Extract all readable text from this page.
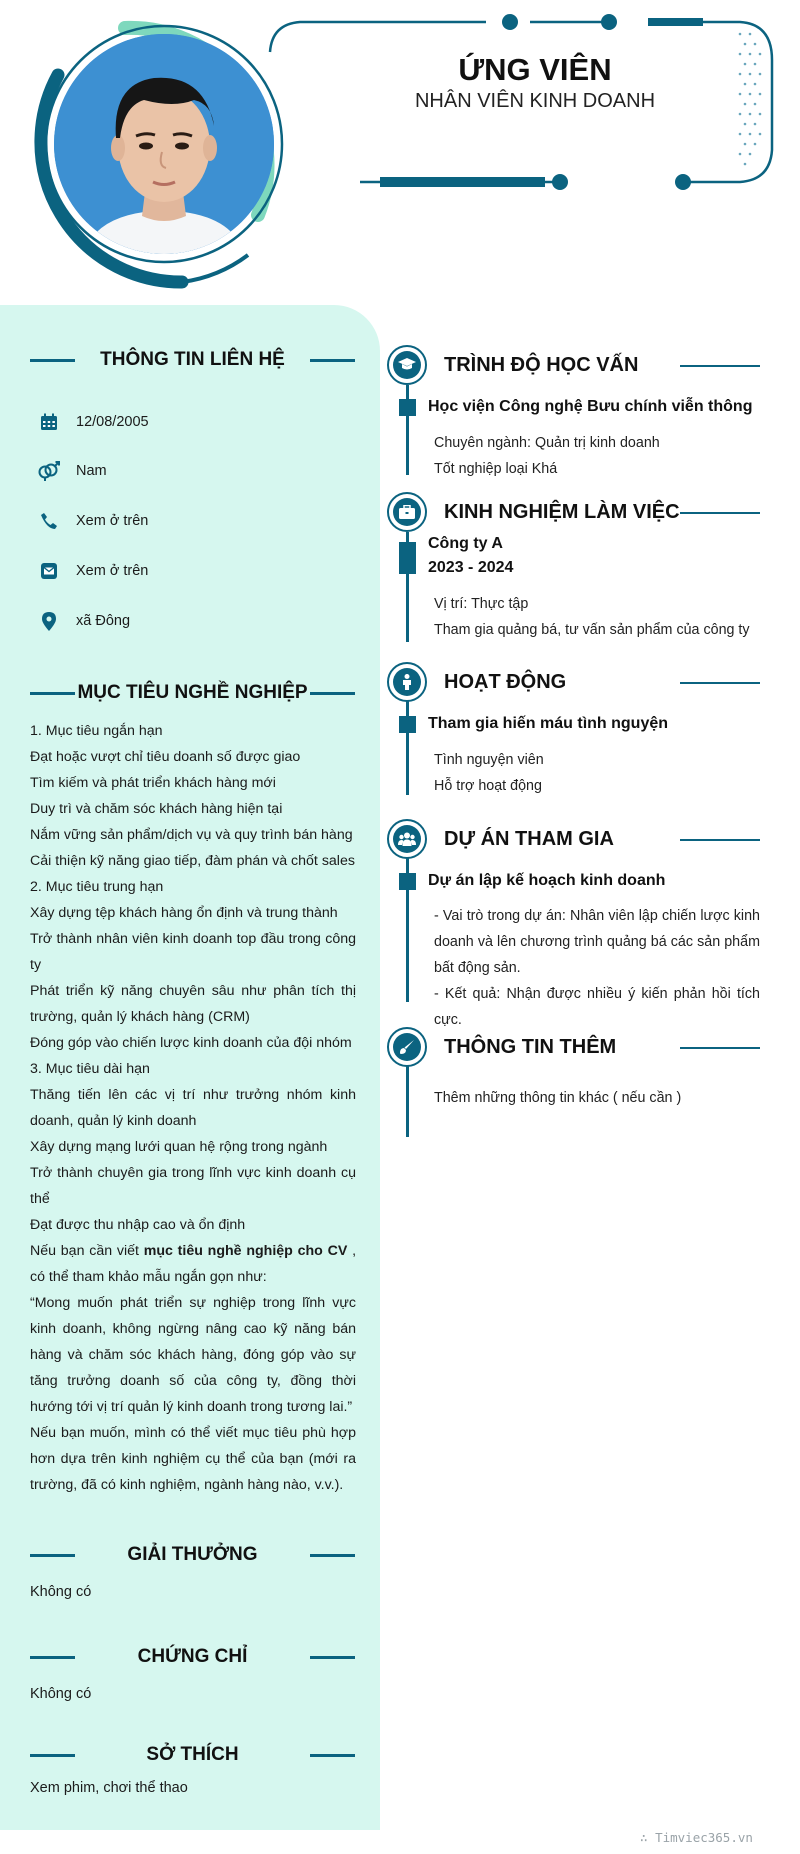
ỨNG VIÊN
NHÂN VIÊN KINH DOANH
THÔNG TIN LIÊN HỆ
12/08/2005
Nam
Xem ở trên
Xem ở trên
xã Đông
MỤC TIÊU NGHỀ NGHIỆP

1. Mục tiêu ngắn hạn

Đạt hoặc vượt chỉ tiêu doanh số được giao

Tìm kiếm và phát triển khách hàng mới

Duy trì và chăm sóc khách hàng hiện tại

Nắm vững sản phẩm/dịch vụ và quy trình bán hàng

Cải thiện kỹ năng giao tiếp, đàm phán và chốt sales

2. Mục tiêu trung hạn

Xây dựng tệp khách hàng ổn định và trung thành

Trở thành nhân viên kinh doanh top đầu trong công ty

Phát triển kỹ năng chuyên sâu như phân tích thị trường, quản lý khách hàng (CRM)

Đóng góp vào chiến lược kinh doanh của đội nhóm

3. Mục tiêu dài hạn

Thăng tiến lên các vị trí như trưởng nhóm kinh doanh, quản lý kinh doanh

Xây dựng mạng lưới quan hệ rộng trong ngành

Trở thành chuyên gia trong lĩnh vực kinh doanh cụ thể

Đạt được thu nhập cao và ổn định

Nếu bạn cần viết mục tiêu nghề nghiệp cho CV , có thể tham khảo mẫu ngắn gọn như:

“Mong muốn phát triển sự nghiệp trong lĩnh vực kinh doanh, không ngừng nâng cao kỹ năng bán hàng và chăm sóc khách hàng, đóng góp vào sự tăng trưởng doanh số của công ty, đồng thời hướng tới vị trí quản lý kinh doanh trong tương lai.”

Nếu bạn muốn, mình có thể viết mục tiêu phù hợp hơn dựa trên kinh nghiệm cụ thể của bạn (mới ra trường, đã có kinh nghiệm, ngành hàng nào, v.v.).

GIẢI THƯỞNG
Không có
CHỨNG CHỈ
Không có
SỞ THÍCH
Xem phim, chơi thể thao
TRÌNH ĐỘ HỌC VẤN
Học viện Công nghệ Bưu chính viễn thông
Chuyên ngành: Quản trị kinh doanh
Tốt nghiệp loại Khá
KINH NGHIỆM LÀM VIỆC
Công ty A
2023 - 2024
Vị trí: Thực tập
Tham gia quảng bá, tư vấn sản phẩm của công ty
HOẠT ĐỘNG
Tham gia hiến máu tình nguyện
Tình nguyện viên
Hỗ trợ hoạt động
DỰ ÁN THAM GIA
Dự án lập kế hoạch kinh doanh
- Vai trò trong dự án: Nhân viên lập chiến lược kinh doanh và lên chương trình quảng bá các sản phẩm bất động sản.
- Kết quả: Nhận được nhiều ý kiến phản hồi tích cực.
THÔNG TIN THÊM
Thêm những thông tin khác ( nếu cần )
∴ Timviec365.vn
